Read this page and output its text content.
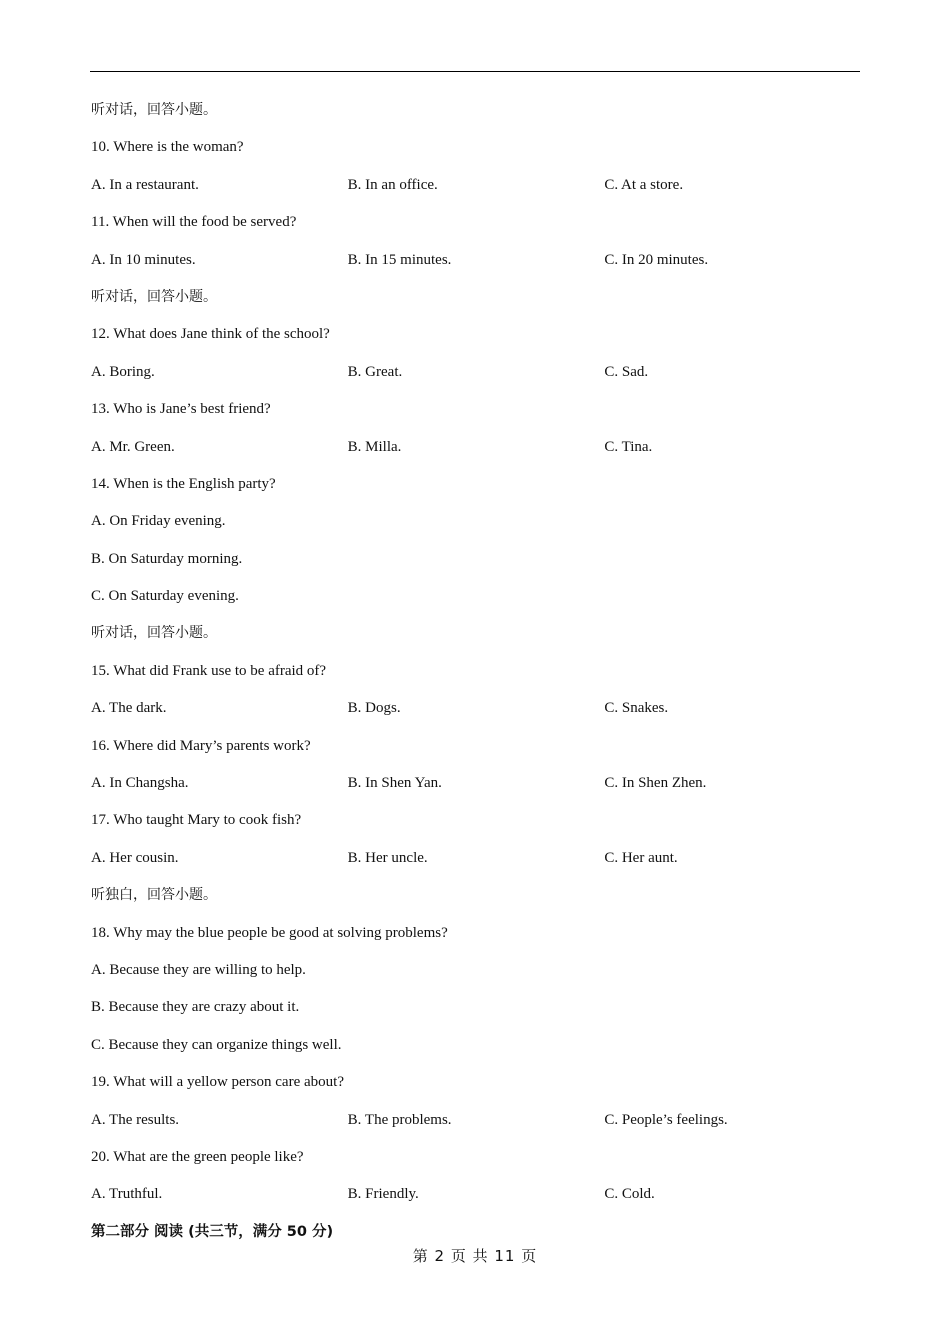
听对话，回答小题。
10. Where is the woman?
A. In a restaurant.	B. In an office.	C. At a store.
11. When will the food be served?
A. In 10 minutes.	B. In 15 minutes.	C. In 20 minutes.
听对话，回答小题。
12. What does Jane think of the school?
A. Boring.	B. Great.	C. Sad.
13. Who is Jane’s best friend?
A. Mr. Green.	B. Milla.	C. Tina.
14. When is the English party?
A. On Friday evening.
B. On Saturday morning.
C. On Saturday evening.
听对话，回答小题。
15. What did Frank use to be afraid of?
A. The dark.	B. Dogs.	C. Snakes.
16. Where did Mary’s parents work?
A. In Changsha.	B. In Shen Yan.	C. In Shen Zhen.
17. Who taught Mary to cook fish?
A. Her cousin.	B. Her uncle.	C. Her aunt.
听独白，回答小题。
18. Why may the blue people be good at solving problems?
A. Because they are willing to help.
B. Because they are crazy about it.
C. Because they can organize things well.
19. What will a yellow person care about?
A. The results.	B. The problems.	C. People’s feelings.
20. What are the green people like?
A. Truthful.	B. Friendly.	C. Cold.
第二部分 阅读 (共三节，满分 50 分)
第 2 页 共 11 页
